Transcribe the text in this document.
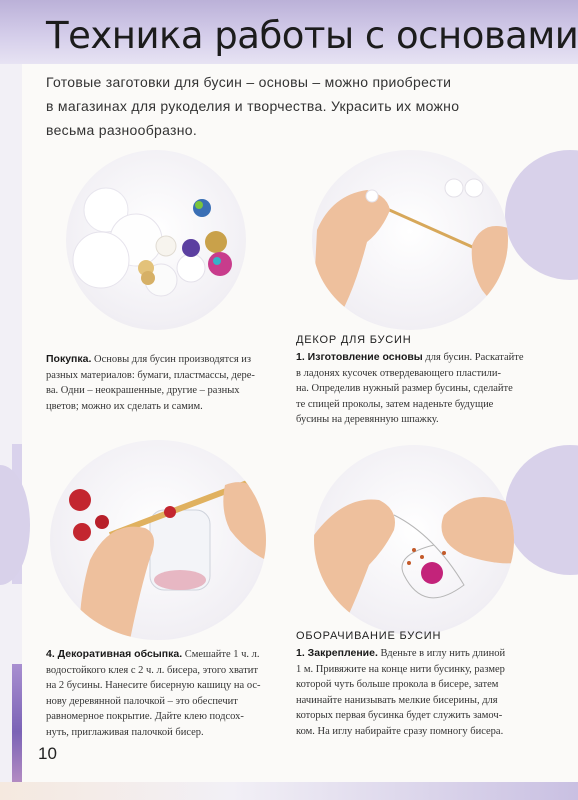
Техника работы с основами
Готовые заготовки для бусин – основы – можно приобрести
в магазинах для рукоделия и творчества. Украсить их можно
весьма разнообразно.
Покупка. Основы для бусин производятся из
разных материалов: бумаги, пластмассы, дере-
ва. Одни – неокрашенные, другие – разных
цветов; можно их сделать и самим.
ДЕКОР ДЛЯ БУСИН
1. Изготовление основы для бусин. Раскатайте
в ладонях кусочек отвердевающего пластили-
на. Определив нужный размер бусины, сделайте
те спицей проколы, затем наденьте будущие
бусины на деревянную шпажку.
4. Декоративная обсыпка. Смешайте 1 ч. л.
водостойкого клея с 2 ч. л. бисера, этого хватит
на 2 бусины. Нанесите бисерную кашицу на ос-
нову деревянной палочкой – это обеспечит
равномерное покрытие. Дайте клею подсох-
нуть, приглаживая палочкой бисер.
ОБОРАЧИВАНИЕ БУСИН
1. Закрепление. Вденьте в иглу нить длиной
1 м. Привяжите на конце нити бусинку, размер
которой чуть больше прокола в бисере, затем
начинайте нанизывать мелкие бисерины, для
которых первая бусинка будет служить замоч-
ком. На иглу набирайте сразу помногу бисера.
10
